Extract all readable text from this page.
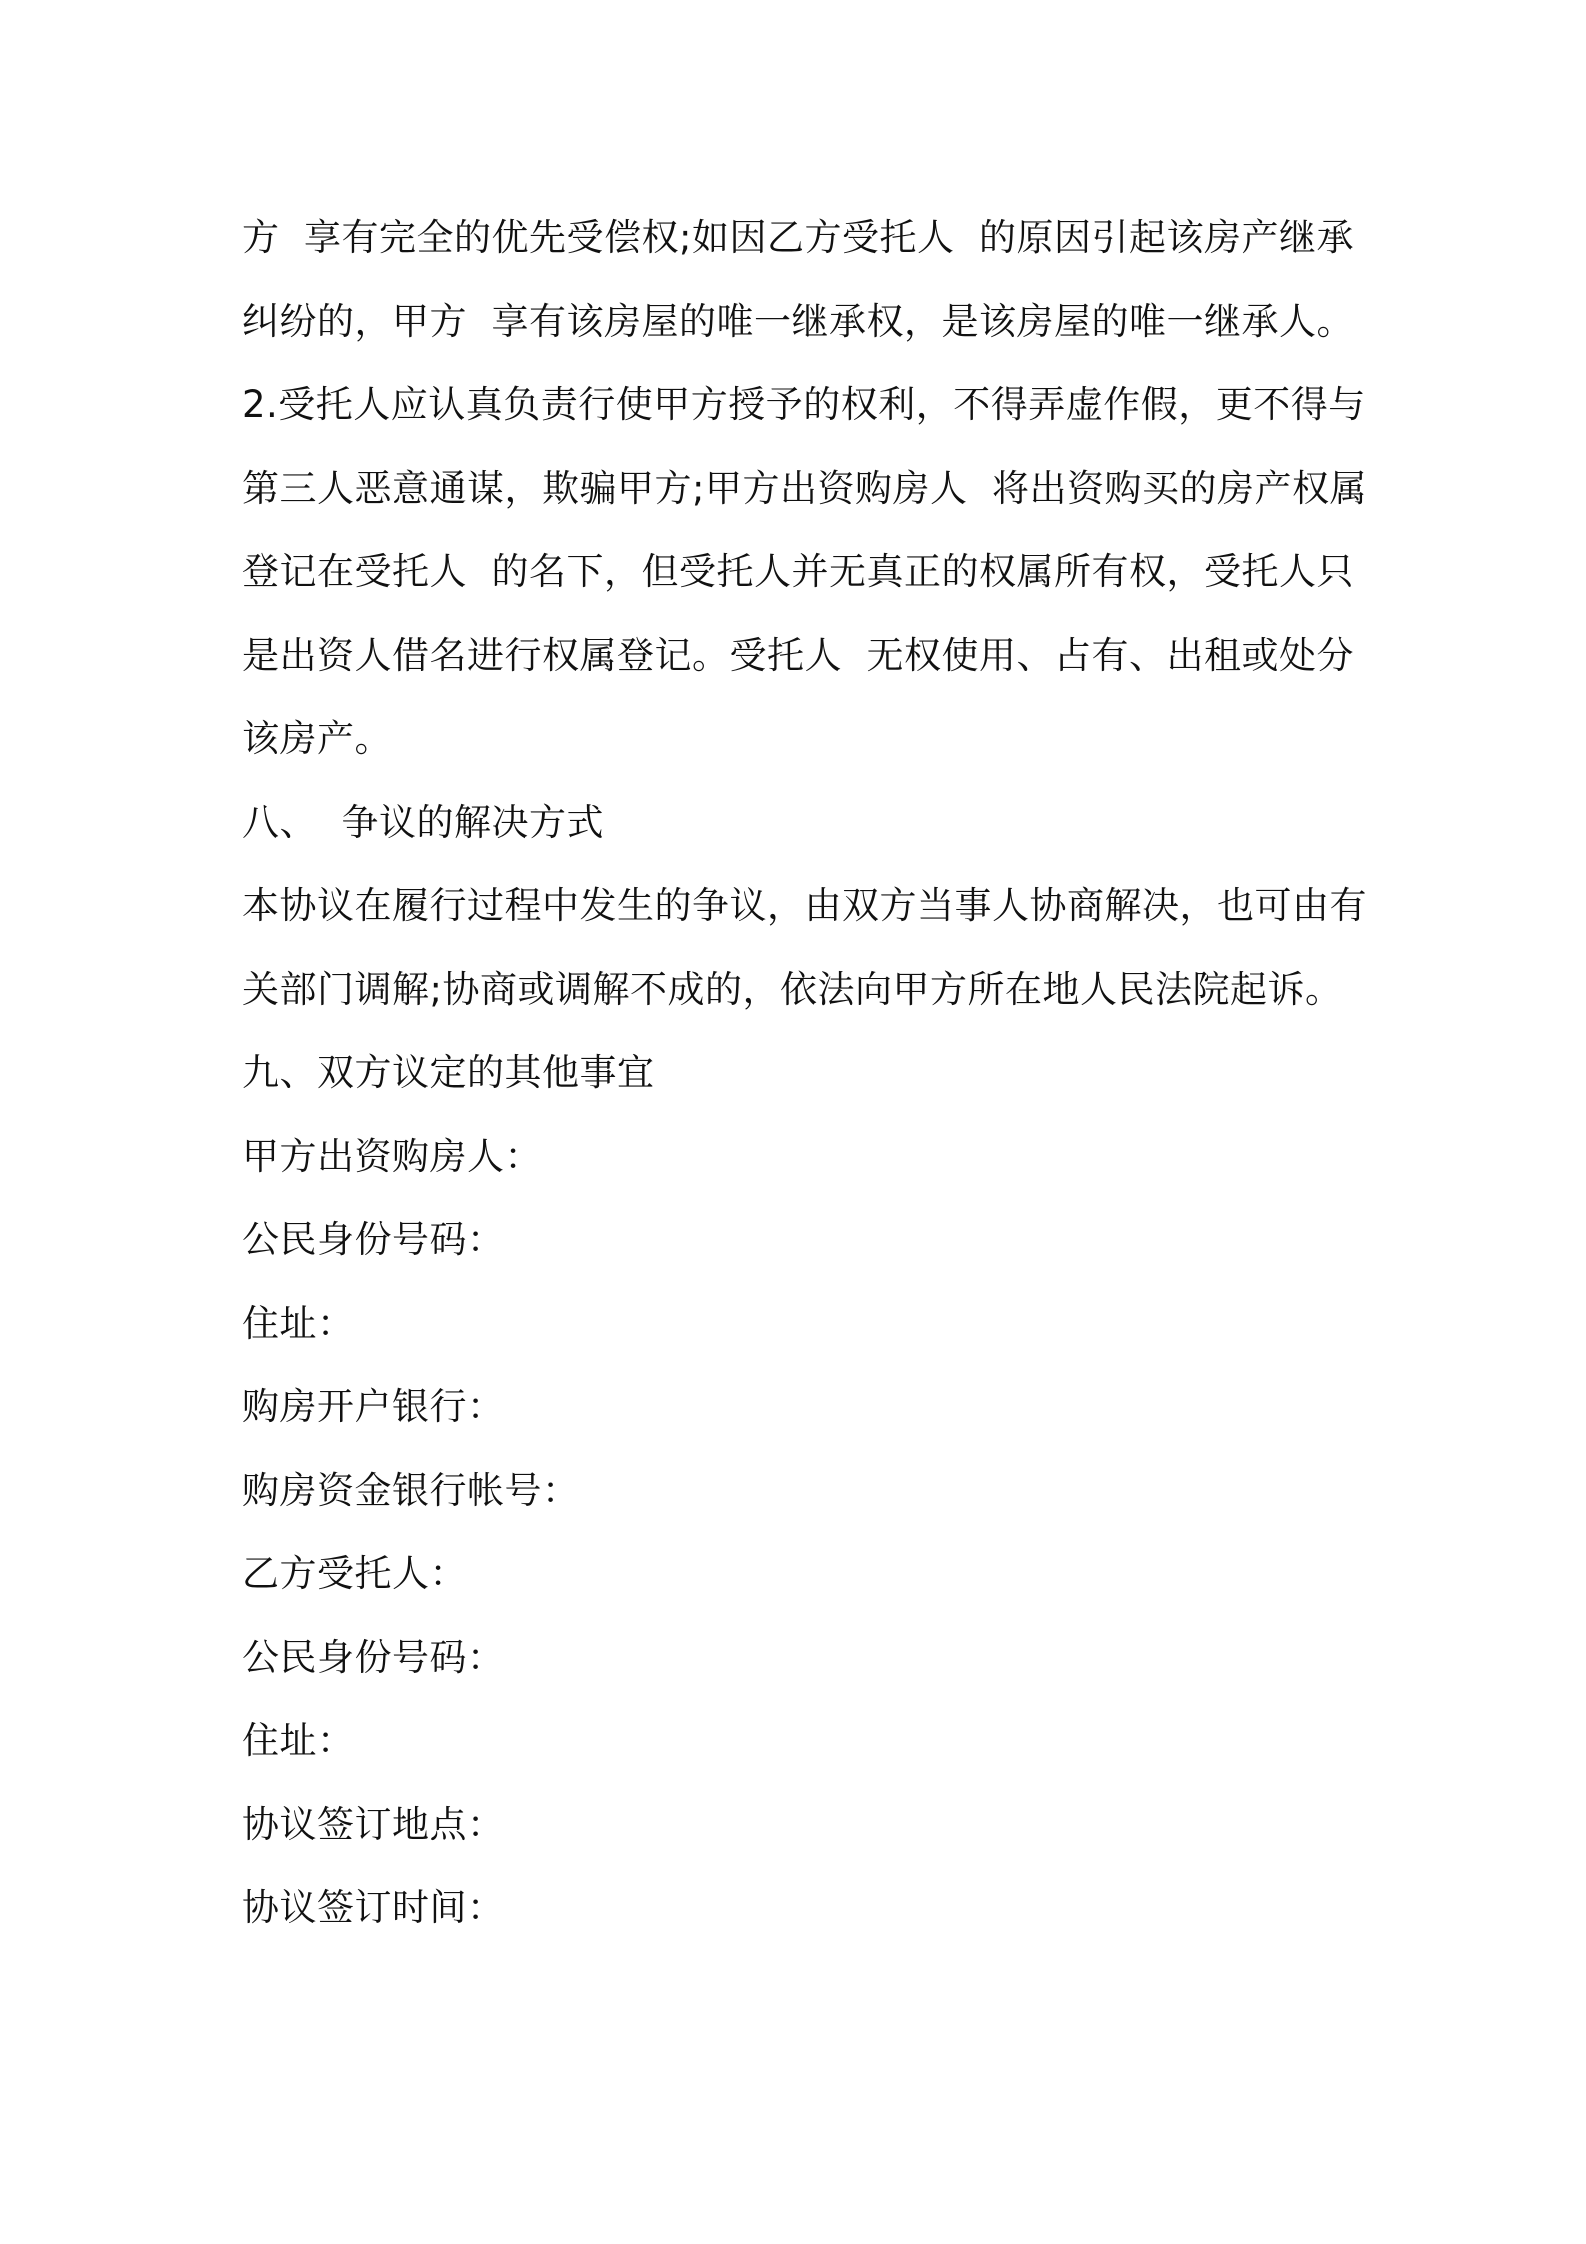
方  享有完全的优先受偿权;如因乙方受托人  的原因引起该房产继承
纠纷的，甲方  享有该房屋的唯一继承权，是该房屋的唯一继承人。
2.受托人应认真负责行使甲方授予的权利，不得弄虚作假，更不得与
第三人恶意通谋，欺骗甲方;甲方出资购房人  将出资购买的房产权属
登记在受托人  的名下，但受托人并无真正的权属所有权，受托人只
是出资人借名进行权属登记。受托人  无权使用、占有、出租或处分
该房产。
八、  争议的解决方式
本协议在履行过程中发生的争议，由双方当事人协商解决，也可由有
关部门调解;协商或调解不成的，依法向甲方所在地人民法院起诉。
九、双方议定的其他事宜
甲方出资购房人：
公民身份号码：
住址：
购房开户银行：
购房资金银行帐号：
乙方受托人：
公民身份号码：
住址：
协议签订地点：
协议签订时间：
